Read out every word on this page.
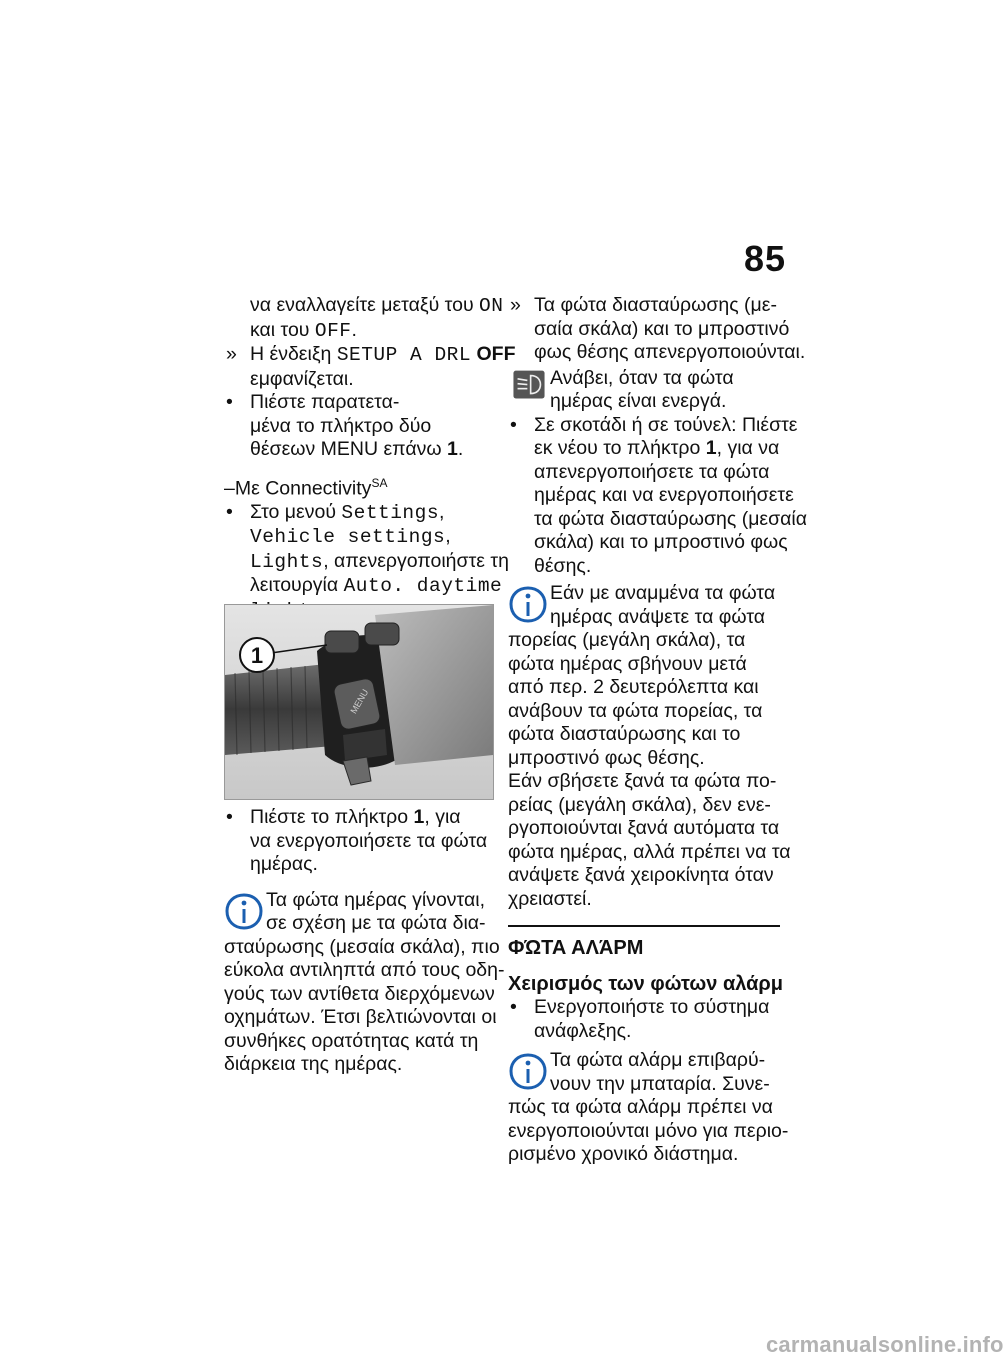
85
να εναλλαγείτε μεταξύ του ON
και του OFF.
» Η ένδειξη SETUP A DRL OFF
εμφανίζεται.
• Πιέστε παρατετα-
μένα το πλήκτρο δύο
θέσεων MENU επάνω 1.
–Με Connectivity$^{SA}$
• Στο μενού Settings,
Vehicle settings,
Lights, απενεργοποιήστε τη
λειτουργία Auto. daytime
MENU
1
• Πιέστε το πλήκτρο 1, για
να ενεργοποιήσετε τα φώτα
ημέρας.
Τα φώτα ημέρας γίνονται,
σε σχέση με τα φώτα δια-
σταύρωσης (μεσαία σκάλα), πιο
εύκολα αντιληπτά από τους οδη-
γούς των αντίθετα διερχόμενων
οχημάτων. Έτσι βελτιώνονται οι
συνθήκες ορατότητας κατά τη
διάρκεια της ημέρας.
» Τα φώτα διασταύρωσης (με-
σαία σκάλα) και το μπροστινό
φως θέσης απενεργοποιούνται.
Ανάβει, όταν τα φώτα
ημέρας είναι ενεργά.
• Σε σκοτάδι ή σε τούνελ: Πιέστε
εκ νέου το πλήκτρο 1, για να
απενεργοποιήσετε τα φώτα
ημέρας και να ενεργοποιήσετε
τα φώτα διασταύρωσης (μεσαία
σκάλα) και το μπροστινό φως
θέσης.
Εάν με αναμμένα τα φώτα
ημέρας ανάψετε τα φώτα
πορείας (μεγάλη σκάλα), τα
φώτα ημέρας σβήνουν μετά
από περ. 2 δευτερόλεπτα και
ανάβουν τα φώτα πορείας, τα
φώτα διασταύρωσης και το
μπροστινό φως θέσης.
Εάν σβήσετε ξανά τα φώτα πο-
ρείας (μεγάλη σκάλα), δεν ενε-
ργοποιούνται ξανά αυτόματα τα
φώτα ημέρας, αλλά πρέπει να τα
ανάψετε ξανά χειροκίνητα όταν
χρειαστεί.
ΦΏΤΑ ΑΛΆΡΜ
Χειρισμός των φώτων αλάρμ
• Ενεργοποιήστε το σύστημα
ανάφλεξης.
Τα φώτα αλάρμ επιβαρύ-
νουν την μπαταρία. Συνε-
πώς τα φώτα αλάρμ πρέπει να
ενεργοποιούνται μόνο για περιο-
ρισμένο χρονικό διάστημα.
carmanualsonline.info
